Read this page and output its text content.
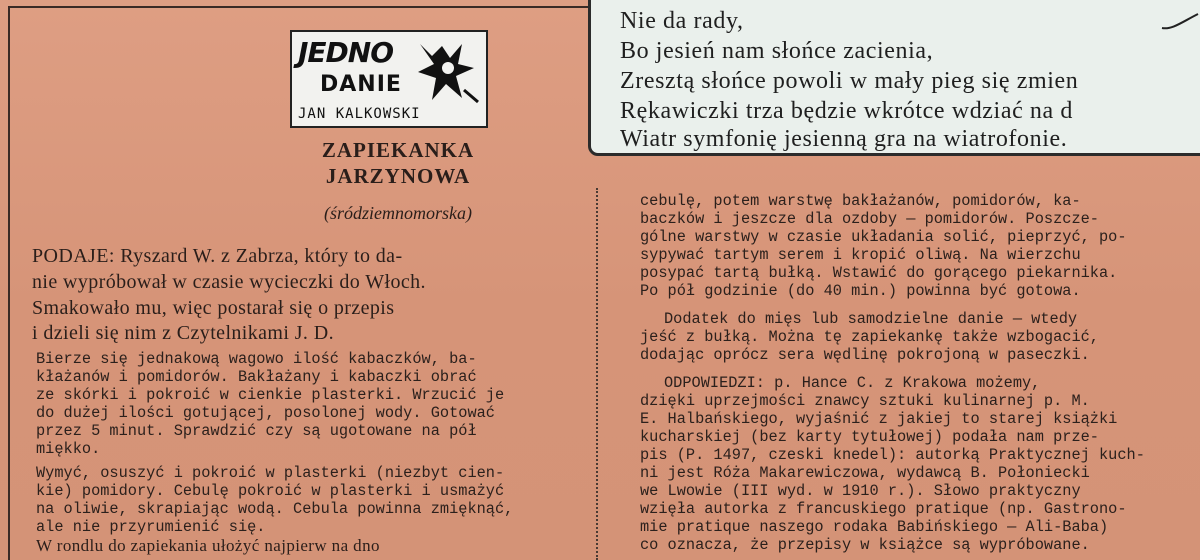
Nie da rady,
Bo jesień nam słońce zacienia,
Zresztą słońce powoli w mały pieg się zmien
Rękawiczki trza będzie wkrótce wdziać na d
Wiatr symfonię jesienną gra na wiatrofonie.
JEDNO
DANIE
JAN KALKOWSKI
ZAPIEKANKA
JARZYNOWA
(śródziemnomorska)
PODAJE: Ryszard W. z Zabrza, który to da-
nie wypróbował w czasie wycieczki do Włoch.
Smakowało mu, więc postarał się o przepis
i dzieli się nim z Czytelnikami J. D.
Bierze się jednakową wagowo ilość kabaczków, ba-
kłażanów i pomidorów. Bakłażany i kabaczki obrać
ze skórki i pokroić w cienkie plasterki. Wrzucić je
do dużej ilości gotującej, posolonej wody. Gotować
przez 5 minut. Sprawdzić czy są ugotowane na pół
miękko.
Wymyć, osuszyć i pokroić w plasterki (niezbyt cien-
kie) pomidory. Cebulę pokroić w plasterki i usmażyć
na oliwie, skrapiając wodą. Cebula powinna zmięknąć,
ale nie przyrumienić się.
W rondlu do zapiekania ułożyć najpierw na dno
cebulę, potem warstwę bakłażanów, pomidorów, ka-
baczków i jeszcze dla ozdoby — pomidorów. Poszcze-
gólne warstwy w czasie układania solić, pieprzyć, po-
sypywać tartym serem i kropić oliwą. Na wierzchu
posypać tartą bułką. Wstawić do gorącego piekarnika.
Po pół godzinie (do 40 min.) powinna być gotowa.
Dodatek do mięs lub samodzielne danie — wtedy
jeść z bułką. Można tę zapiekankę także wzbogacić,
dodając oprócz sera wędlinę pokrojoną w paseczki.
ODPOWIEDZI: p. Hance C. z Krakowa możemy,
dzięki uprzejmości znawcy sztuki kulinarnej p. M.
E. Halbańskiego, wyjaśnić z jakiej to starej książki
kucharskiej (bez karty tytułowej) podała nam prze-
pis (P. 1497, czeski knedel): autorką Praktycznej kuch-
ni jest Róża Makarewiczowa, wydawcą B. Połoniecki
we Lwowie (III wyd. w 1910 r.). Słowo praktyczny
wzięła autorka z francuskiego pratique (np. Gastrono-
mie pratique naszego rodaka Babińskiego — Ali-Baba)
co oznacza, że przepisy w książce są wypróbowane.
